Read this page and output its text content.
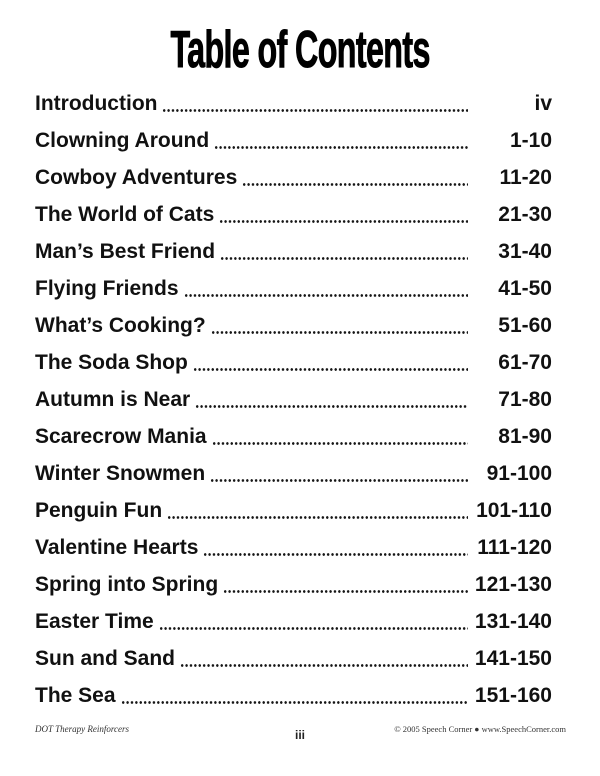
Table of Contents
Introduction	iv
Clowning Around	1-10
Cowboy Adventures	11-20
The World of Cats	21-30
Man’s Best Friend	31-40
Flying Friends	41-50
What’s Cooking?	51-60
The Soda Shop	61-70
Autumn is Near	71-80
Scarecrow Mania	81-90
Winter Snowmen	91-100
Penguin Fun	101-110
Valentine Hearts	111-120
Spring into Spring	121-130
Easter Time	131-140
Sun and Sand	141-150
The Sea	151-160
DOT Therapy Reinforcers	iii	© 2005 Speech Corner ● www.SpeechCorner.com
